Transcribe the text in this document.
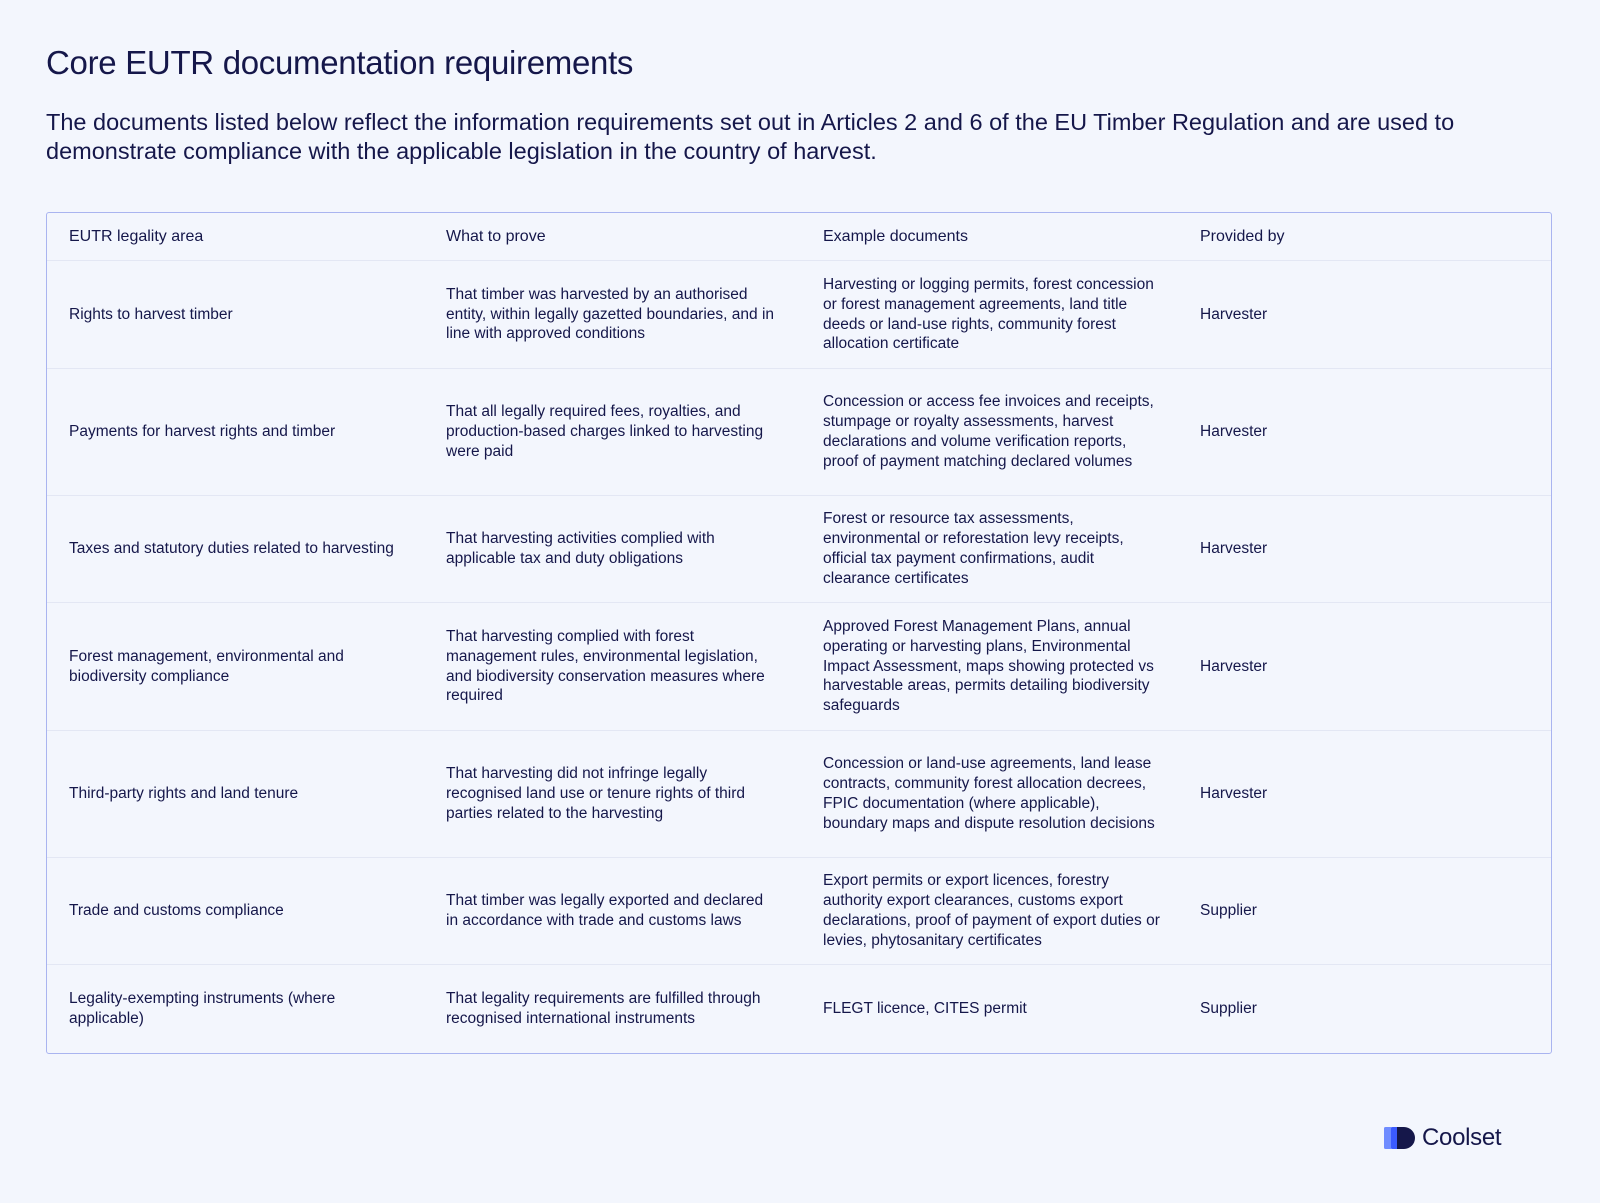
Core EUTR documentation requirements

The documents listed below reflect the information requirements set out in Articles 2 and 6 of the EU Timber Regulation and are used to demonstrate compliance with the applicable legislation in the country of harvest.

EUTR legality area	What to prove	Example documents	Provided by
Rights to harvest timber	That timber was harvested by an authorised entity, within legally gazetted boundaries, and in line with approved conditions	Harvesting or logging permits, forest concession or forest management agreements, land title deeds or land-use rights, community forest allocation certificate	Harvester
Payments for harvest rights and timber	That all legally required fees, royalties, and production-based charges linked to harvesting were paid	Concession or access fee invoices and receipts, stumpage or royalty assessments, harvest declarations and volume verification reports, proof of payment matching declared volumes	Harvester
Taxes and statutory duties related to harvesting	That harvesting activities complied with applicable tax and duty obligations	Forest or resource tax assessments, environmental or reforestation levy receipts, official tax payment confirmations, audit clearance certificates	Harvester
Forest management, environmental and biodiversity compliance	That harvesting complied with forest management rules, environmental legislation, and biodiversity conservation measures where required	Approved Forest Management Plans, annual operating or harvesting plans, Environmental Impact Assessment, maps showing protected vs harvestable areas, permits detailing biodiversity safeguards	Harvester
Third-party rights and land tenure	That harvesting did not infringe legally recognised land use or tenure rights of third parties related to the harvesting	Concession or land-use agreements, land lease contracts, community forest allocation decrees, FPIC documentation (where applicable), boundary maps and dispute resolution decisions	Harvester
Trade and customs compliance	That timber was legally exported and declared in accordance with trade and customs laws	Export permits or export licences, forestry authority export clearances, customs export declarations, proof of payment of export duties or levies, phytosanitary certificates	Supplier
Legality-exempting instruments (where applicable)	That legality requirements are fulfilled through recognised international instruments	FLEGT licence, CITES permit	Supplier
Coolset
